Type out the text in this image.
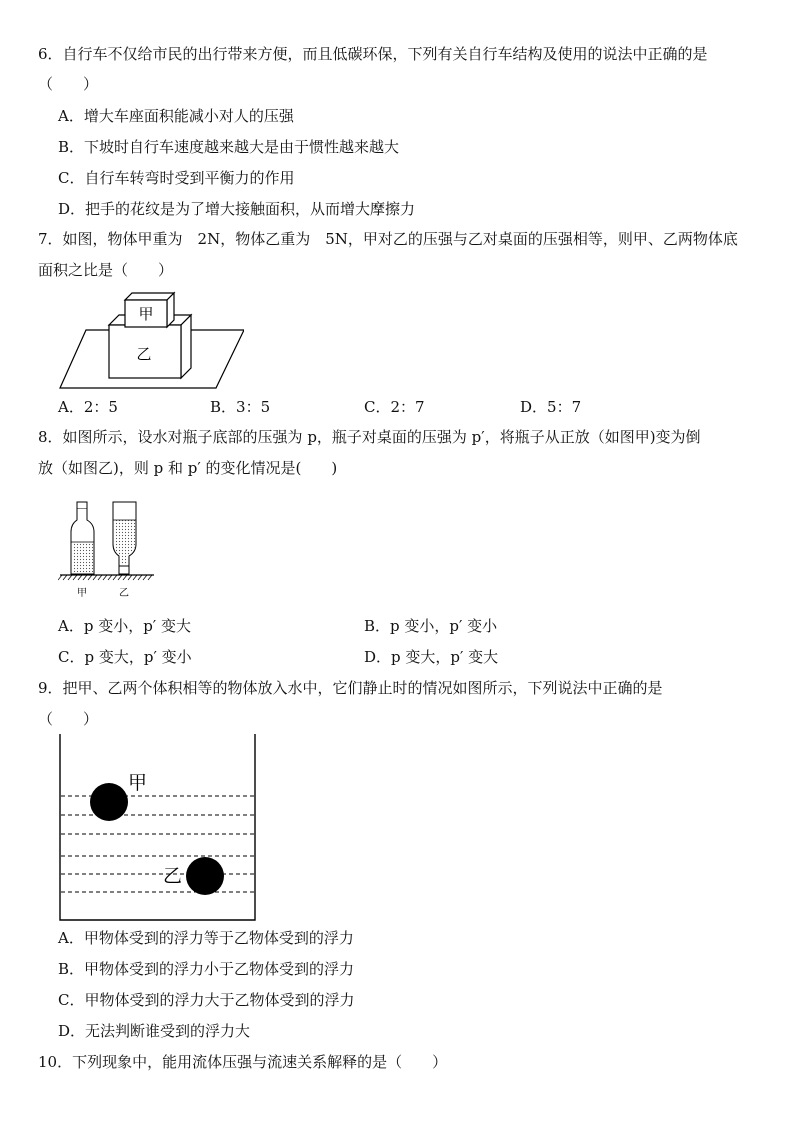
6．自行车不仅给市民的出行带来方便，而且低碳环保，下列有关自行车结构及使用的说法中正确的是
（　　）
A．增大车座面积能减小对人的压强
B．下坡时自行车速度越来越大是由于惯性越来越大
C．自行车转弯时受到平衡力的作用
D．把手的花纹是为了增大接触面积，从而增大摩擦力
7．如图，物体甲重为　2N，物体乙重为　5N，甲对乙的压强与乙对桌面的压强相等，则甲、乙两物体底
面积之比是（　　）
甲
乙
A．2：5	B．3：5	C．2：7	D．5：7
8．如图所示，设水对瓶子底部的压强为 p，瓶子对桌面的压强为 p′，将瓶子从正放（如图甲)变为倒
放（如图乙)，则 p 和 p′ 的变化情况是(　　)
甲	乙
A．p 变小，p′ 变大	B．p 变小，p′ 变小
C．p 变大，p′ 变小	D．p 变大，p′ 变大
9．把甲、乙两个体积相等的物体放入水中，它们静止时的情况如图所示，下列说法中正确的是
（　　）
甲
乙
A．甲物体受到的浮力等于乙物体受到的浮力
B．甲物体受到的浮力小于乙物体受到的浮力
C．甲物体受到的浮力大于乙物体受到的浮力
D．无法判断谁受到的浮力大
10．下列现象中，能用流体压强与流速关系解释的是（　　）
